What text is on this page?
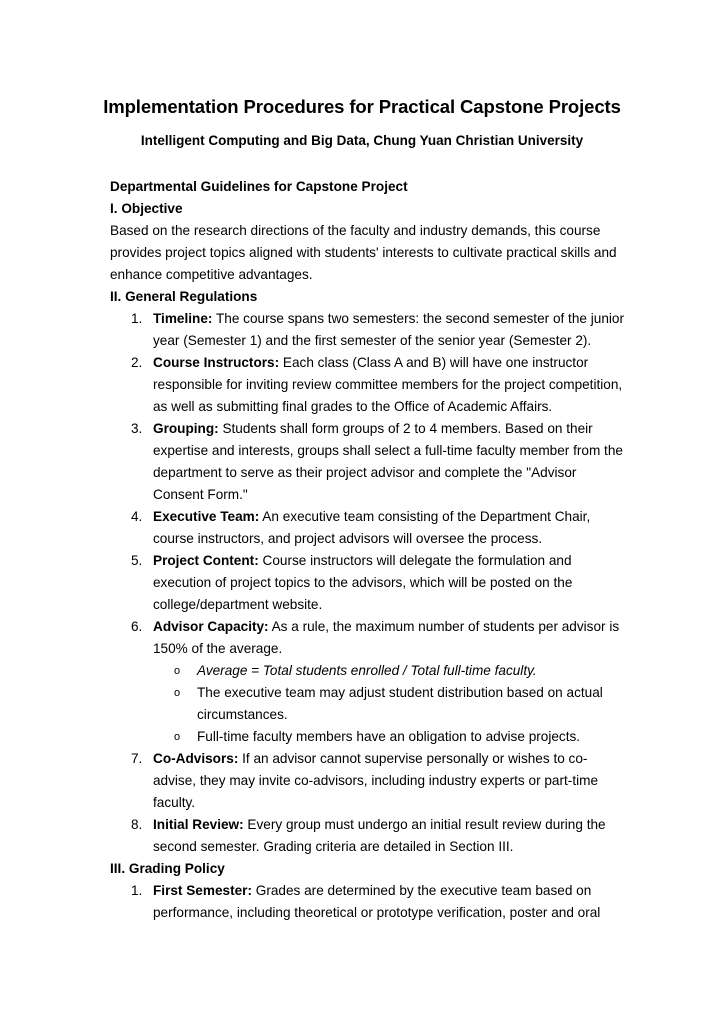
Implementation Procedures for Practical Capstone Projects
Intelligent Computing and Big Data, Chung Yuan Christian University

Departmental Guidelines for Capstone Project

I. Objective

Based on the research directions of the faculty and industry demands, this course provides project topics aligned with students' interests to cultivate practical skills and enhance competitive advantages.

II. General Regulations

1. Timeline: The course spans two semesters: the second semester of the junior year (Semester 1) and the first semester of the senior year (Semester 2).
2. Course Instructors: Each class (Class A and B) will have one instructor responsible for inviting review committee members for the project competition, as well as submitting final grades to the Office of Academic Affairs.
3. Grouping: Students shall form groups of 2 to 4 members. Based on their expertise and interests, groups shall select a full-time faculty member from the department to serve as their project advisor and complete the "Advisor Consent Form."
4. Executive Team: An executive team consisting of the Department Chair, course instructors, and project advisors will oversee the process.
5. Project Content: Course instructors will delegate the formulation and execution of project topics to the advisors, which will be posted on the college/department website.
6. Advisor Capacity: As a rule, the maximum number of students per advisor is 150% of the average.
o Average = Total students enrolled / Total full-time faculty.
o The executive team may adjust student distribution based on actual circumstances.
o Full-time faculty members have an obligation to advise projects.
7. Co-Advisors: If an advisor cannot supervise personally or wishes to co-advise, they may invite co-advisors, including industry experts or part-time faculty.
8. Initial Review: Every group must undergo an initial result review during the second semester. Grading criteria are detailed in Section III.

III. Grading Policy

1. First Semester: Grades are determined by the executive team based on performance, including theoretical or prototype verification, poster and oral
